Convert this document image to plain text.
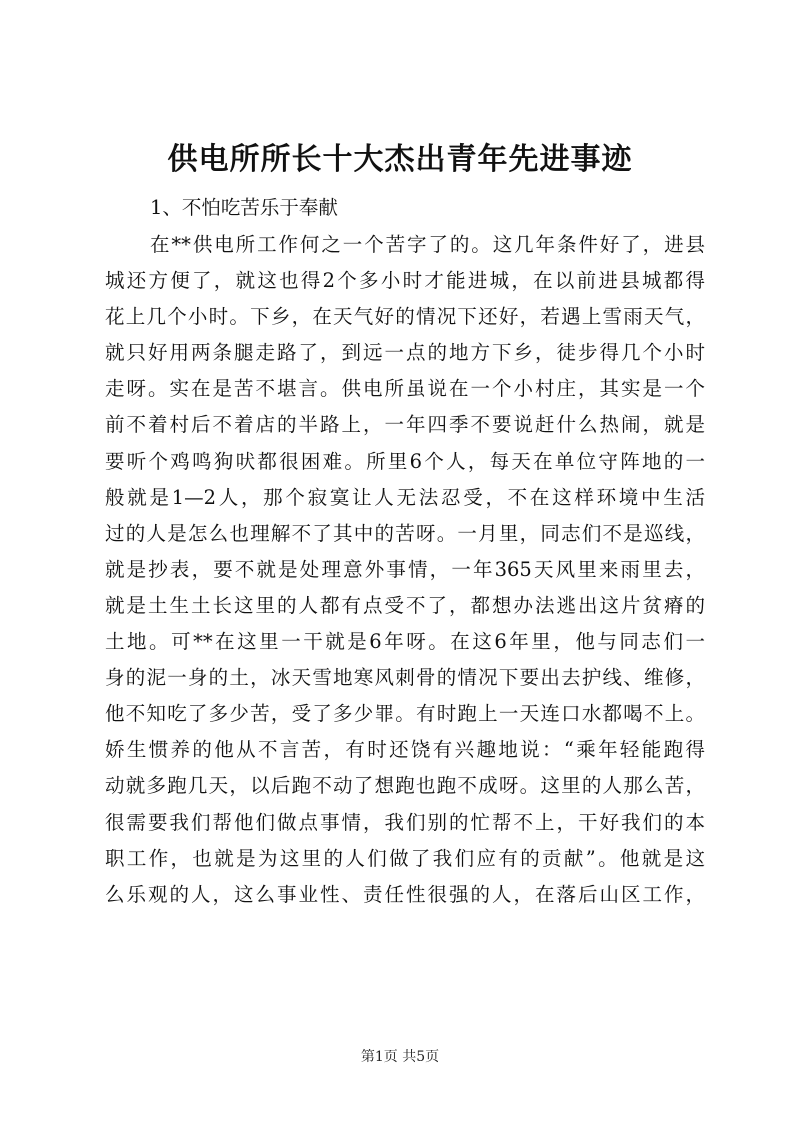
供电所所长十大杰出青年先进事迹
1、不怕吃苦乐于奉献
在**供电所工作何之一个苦字了的。这几年条件好了，进县
城还方便了，就这也得2个多小时才能进城，在以前进县城都得
花上几个小时。下乡，在天气好的情况下还好，若遇上雪雨天气，
就只好用两条腿走路了，到远一点的地方下乡，徒步得几个小时
走呀。实在是苦不堪言。供电所虽说在一个小村庄，其实是一个
前不着村后不着店的半路上，一年四季不要说赶什么热闹，就是
要听个鸡鸣狗吠都很困难。所里6个人，每天在单位守阵地的一
般就是1—2人，那个寂寞让人无法忍受，不在这样环境中生活
过的人是怎么也理解不了其中的苦呀。一月里，同志们不是巡线，
就是抄表，要不就是处理意外事情，一年365天风里来雨里去，
就是土生土长这里的人都有点受不了，都想办法逃出这片贫瘠的
土地。可**在这里一干就是6年呀。在这6年里，他与同志们一
身的泥一身的土，冰天雪地寒风刺骨的情况下要出去护线、维修，
他不知吃了多少苦，受了多少罪。有时跑上一天连口水都喝不上。
娇生惯养的他从不言苦，有时还饶有兴趣地说：“乘年轻能跑得
动就多跑几天，以后跑不动了想跑也跑不成呀。这里的人那么苦，
很需要我们帮他们做点事情，我们别的忙帮不上，干好我们的本
职工作，也就是为这里的人们做了我们应有的贡献”。他就是这
么乐观的人，这么事业性、责任性很强的人，在落后山区工作，
第1页 共5页
